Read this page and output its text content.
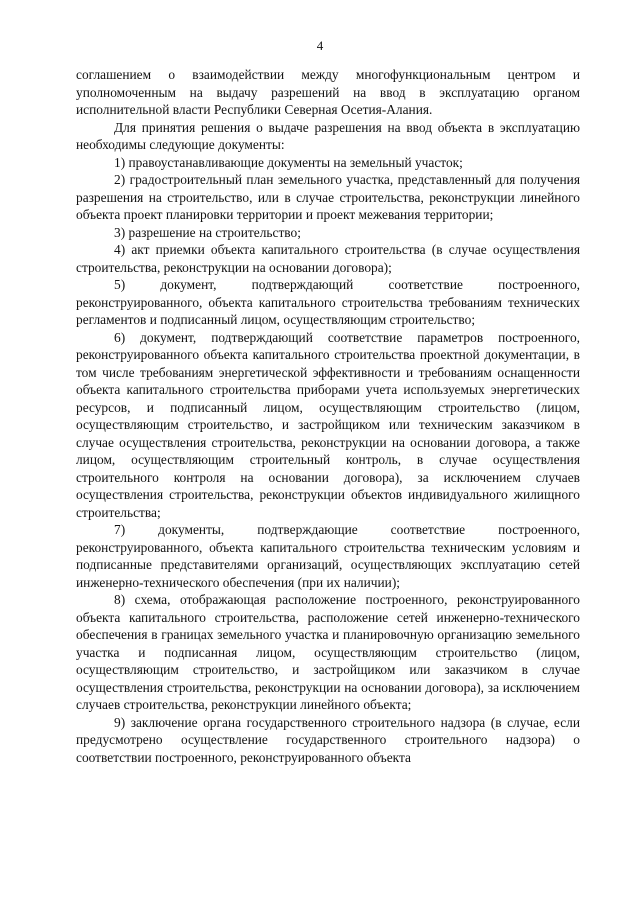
4

соглашением о взаимодействии между многофункциональным центром и уполномоченным на выдачу разрешений на ввод в эксплуатацию органом исполнительной власти Республики Северная Осетия-Алания.

Для принятия решения о выдаче разрешения на ввод объекта в эксплуатацию необходимы следующие документы:

1) правоустанавливающие документы на земельный участок;

2) градостроительный план земельного участка, представленный для получения разрешения на строительство, или в случае строительства, реконструкции линейного объекта проект планировки территории и проект межевания территории;

3) разрешение на строительство;

4) акт приемки объекта капитального строительства (в случае осуществления строительства, реконструкции на основании договора);

5) документ, подтверждающий соответствие построенного, реконструированного, объекта капитального строительства требованиям технических регламентов и подписанный лицом, осуществляющим строительство;

6) документ, подтверждающий соответствие параметров построенного, реконструированного объекта капитального строительства проектной документации, в том числе требованиям энергетической эффективности и требованиям оснащенности объекта капитального строительства приборами учета используемых энергетических ресурсов, и подписанный лицом, осуществляющим строительство (лицом, осуществляющим строительство, и застройщиком или техническим заказчиком в случае осуществления строительства, реконструкции на основании договора, а также лицом, осуществляющим строительный контроль, в случае осуществления строительного контроля на основании договора), за исключением случаев осуществления строительства, реконструкции объектов индивидуального жилищного строительства;

7) документы, подтверждающие соответствие построенного, реконструированного, объекта капитального строительства техническим условиям и подписанные представителями организаций, осуществляющих эксплуатацию сетей инженерно-технического обеспечения (при их наличии);

8) схема, отображающая расположение построенного, реконструированного объекта капитального строительства, расположение сетей инженерно-технического обеспечения в границах земельного участка и планировочную организацию земельного участка и подписанная лицом, осуществляющим строительство (лицом, осуществляющим строительство, и застройщиком или заказчиком в случае осуществления строительства, реконструкции на основании договора), за исключением случаев строительства, реконструкции линейного объекта;

9) заключение органа государственного строительного надзора (в случае, если предусмотрено осуществление государственного строительного надзора) о соответствии построенного, реконструированного объекта
